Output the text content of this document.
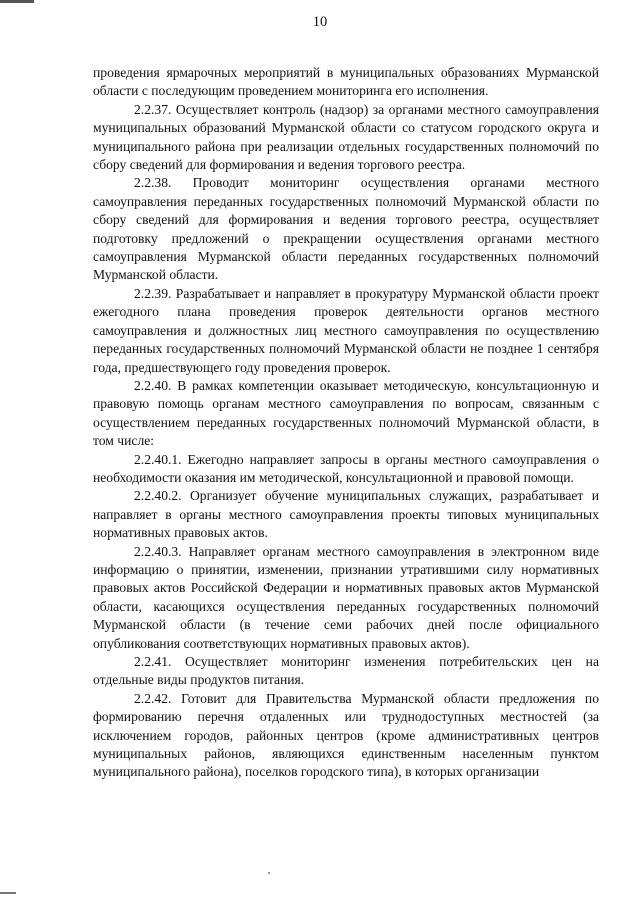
10

проведения ярмарочных мероприятий в муниципальных образованиях Мурманской области с последующим проведением мониторинга его исполнения.

2.2.37. Осуществляет контроль (надзор) за органами местного самоуправления муниципальных образований Мурманской области со статусом городского округа и муниципального района при реализации отдельных государственных полномочий по сбору сведений для формирования и ведения торгового реестра.

2.2.38. Проводит мониторинг осуществления органами местного самоуправления переданных государственных полномочий Мурманской области по сбору сведений для формирования и ведения торгового реестра, осуществляет подготовку предложений о прекращении осуществления органами местного самоуправления Мурманской области переданных государственных полномочий Мурманской области.

2.2.39. Разрабатывает и направляет в прокуратуру Мурманской области проект ежегодного плана проведения проверок деятельности органов местного самоуправления и должностных лиц местного самоуправления по осуществлению переданных государственных полномочий Мурманской области не позднее 1 сентября года, предшествующего году проведения проверок.

2.2.40. В рамках компетенции оказывает методическую, консультационную и правовую помощь органам местного самоуправления по вопросам, связанным с осуществлением переданных государственных полномочий Мурманской области, в том числе:

2.2.40.1. Ежегодно направляет запросы в органы местного самоуправления о необходимости оказания им методической, консультационной и правовой помощи.

2.2.40.2. Организует обучение муниципальных служащих, разрабатывает и направляет в органы местного самоуправления проекты типовых муниципальных нормативных правовых актов.

2.2.40.3. Направляет органам местного самоуправления в электронном виде информацию о принятии, изменении, признании утратившими силу нормативных правовых актов Российской Федерации и нормативных правовых актов Мурманской области, касающихся осуществления переданных государственных полномочий Мурманской области (в течение семи рабочих дней после официального опубликования соответствующих нормативных правовых актов).

2.2.41. Осуществляет мониторинг изменения потребительских цен на отдельные виды продуктов питания.

2.2.42. Готовит для Правительства Мурманской области предложения по формированию перечня отдаленных или труднодоступных местностей (за исключением городов, районных центров (кроме административных центров муниципальных районов, являющихся единственным населенным пунктом муниципального района), поселков городского типа), в которых организации
